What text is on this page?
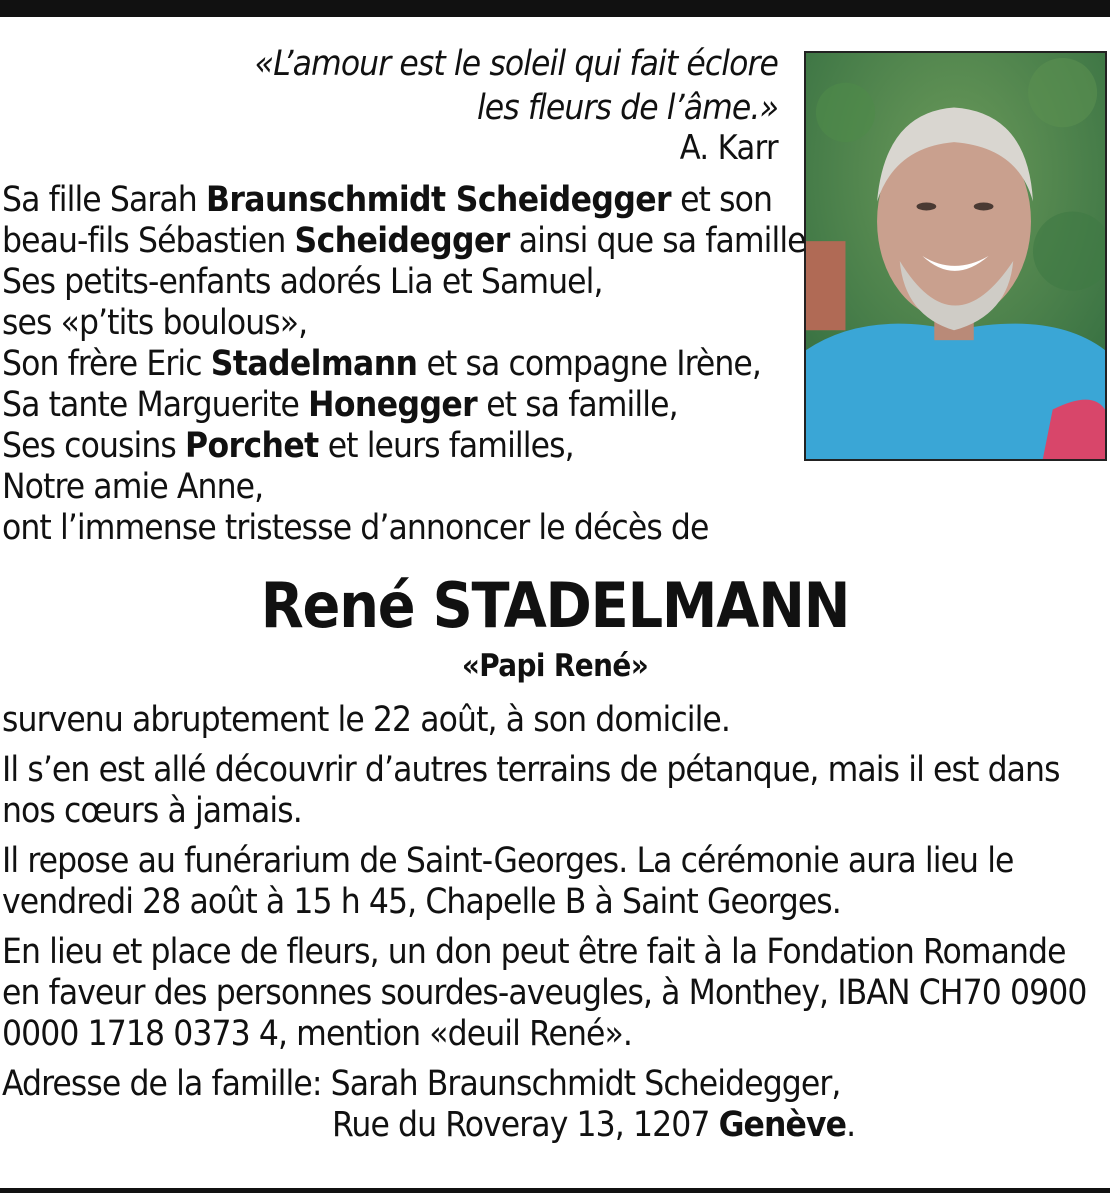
«L’amour est le soleil qui fait éclore
les fleurs de l’âme.»
A. Karr
Sa fille Sarah Braunschmidt Scheidegger et son
beau-fils Sébastien Scheidegger ainsi que sa famille
Ses petits-enfants adorés Lia et Samuel,
ses «p’tits boulous»,
Son frère Eric Stadelmann et sa compagne Irène,
Sa tante Marguerite Honegger et sa famille,
Ses cousins Porchet et leurs familles,
Notre amie Anne,
ont l’immense tristesse d’annoncer le décès de
René STADELMANN
«Papi René»

survenu abruptement le 22 août, à son domicile.

Il s’en est allé découvrir d’autres terrains de pétanque, mais il est dans nos cœurs à jamais.

Il repose au funérarium de Saint-Georges. La cérémonie aura lieu le vendredi 28 août à 15 h 45, Chapelle B à Saint Georges.

En lieu et place de fleurs, un don peut être fait à la Fondation Romande en faveur des personnes sourdes-aveugles, à Monthey, IBAN CH70 0900 0000 1718 0373 4, mention «deuil René».

Adresse de la famille: Sarah Braunschmidt Scheidegger,
Rue du Roveray 13, 1207 Genève.
